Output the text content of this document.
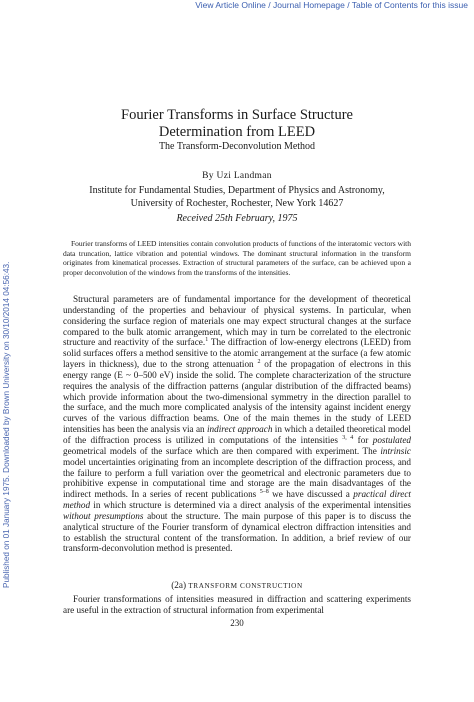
View Article Online / Journal Homepage / Table of Contents for this issue
Published on 01 January 1975. Downloaded by Brown University on 30/10/2014 04:56:43.
Fourier Transforms in Surface Structure
Determination from LEED
The Transform-Deconvolution Method
By Uzi Landman
Institute for Fundamental Studies, Department of Physics and Astronomy,
University of Rochester, Rochester, New York 14627
Received 25th February, 1975
Fourier transforms of LEED intensities contain convolution products of functions of the interatomic vectors with data truncation, lattice vibration and potential windows. The dominant structural information in the transform originates from kinematical processes. Extraction of structural parameters of the surface, can be achieved upon a proper deconvolution of the windows from the transforms of the intensities.
Structural parameters are of fundamental importance for the development of theoretical understanding of the properties and behaviour of physical systems. In particular, when considering the surface region of materials one may expect structural changes at the surface compared to the bulk atomic arrangement, which may in turn be correlated to the electronic structure and reactivity of the surface.$^1$ The diffraction of low-energy electrons (LEED) from solid surfaces offers a method sensitive to the atomic arrangement at the surface (a few atomic layers in thickness), due to the strong attenuation $^2$ of the propagation of electrons in this energy range (E ~ 0–500 eV) inside the solid. The complete characterization of the structure requires the analysis of the diffraction patterns (angular distribution of the diffracted beams) which provide information about the two-dimensional symmetry in the direction parallel to the surface, and the much more complicated analysis of the intensity against incident energy curves of the various diffraction beams. One of the main themes in the study of LEED intensities has been the analysis via an indirect approach in which a detailed theoretical model of the diffraction process is utilized in computations of the intensities $^{3, 4}$ for postulated geometrical models of the surface which are then compared with experiment. The intrinsic model uncertainties originating from an incomplete description of the diffraction process, and the failure to perform a full variation over the geometrical and electronic parameters due to prohibitive expense in computational time and storage are the main disadvantages of the indirect methods. In a series of recent publications $^{5-8}$ we have discussed a practical direct method in which structure is determined via a direct analysis of the experimental intensities without presumptions about the structure. The main purpose of this paper is to discuss the analytical structure of the Fourier transform of dynamical electron diffraction intensities and to establish the structural content of the transformation. In addition, a brief review of our transform-deconvolution method is presented.
(2a) TRANSFORM CONSTRUCTION
Fourier transformations of intensities measured in diffraction and scattering experiments are useful in the extraction of structural information from experimental
230
